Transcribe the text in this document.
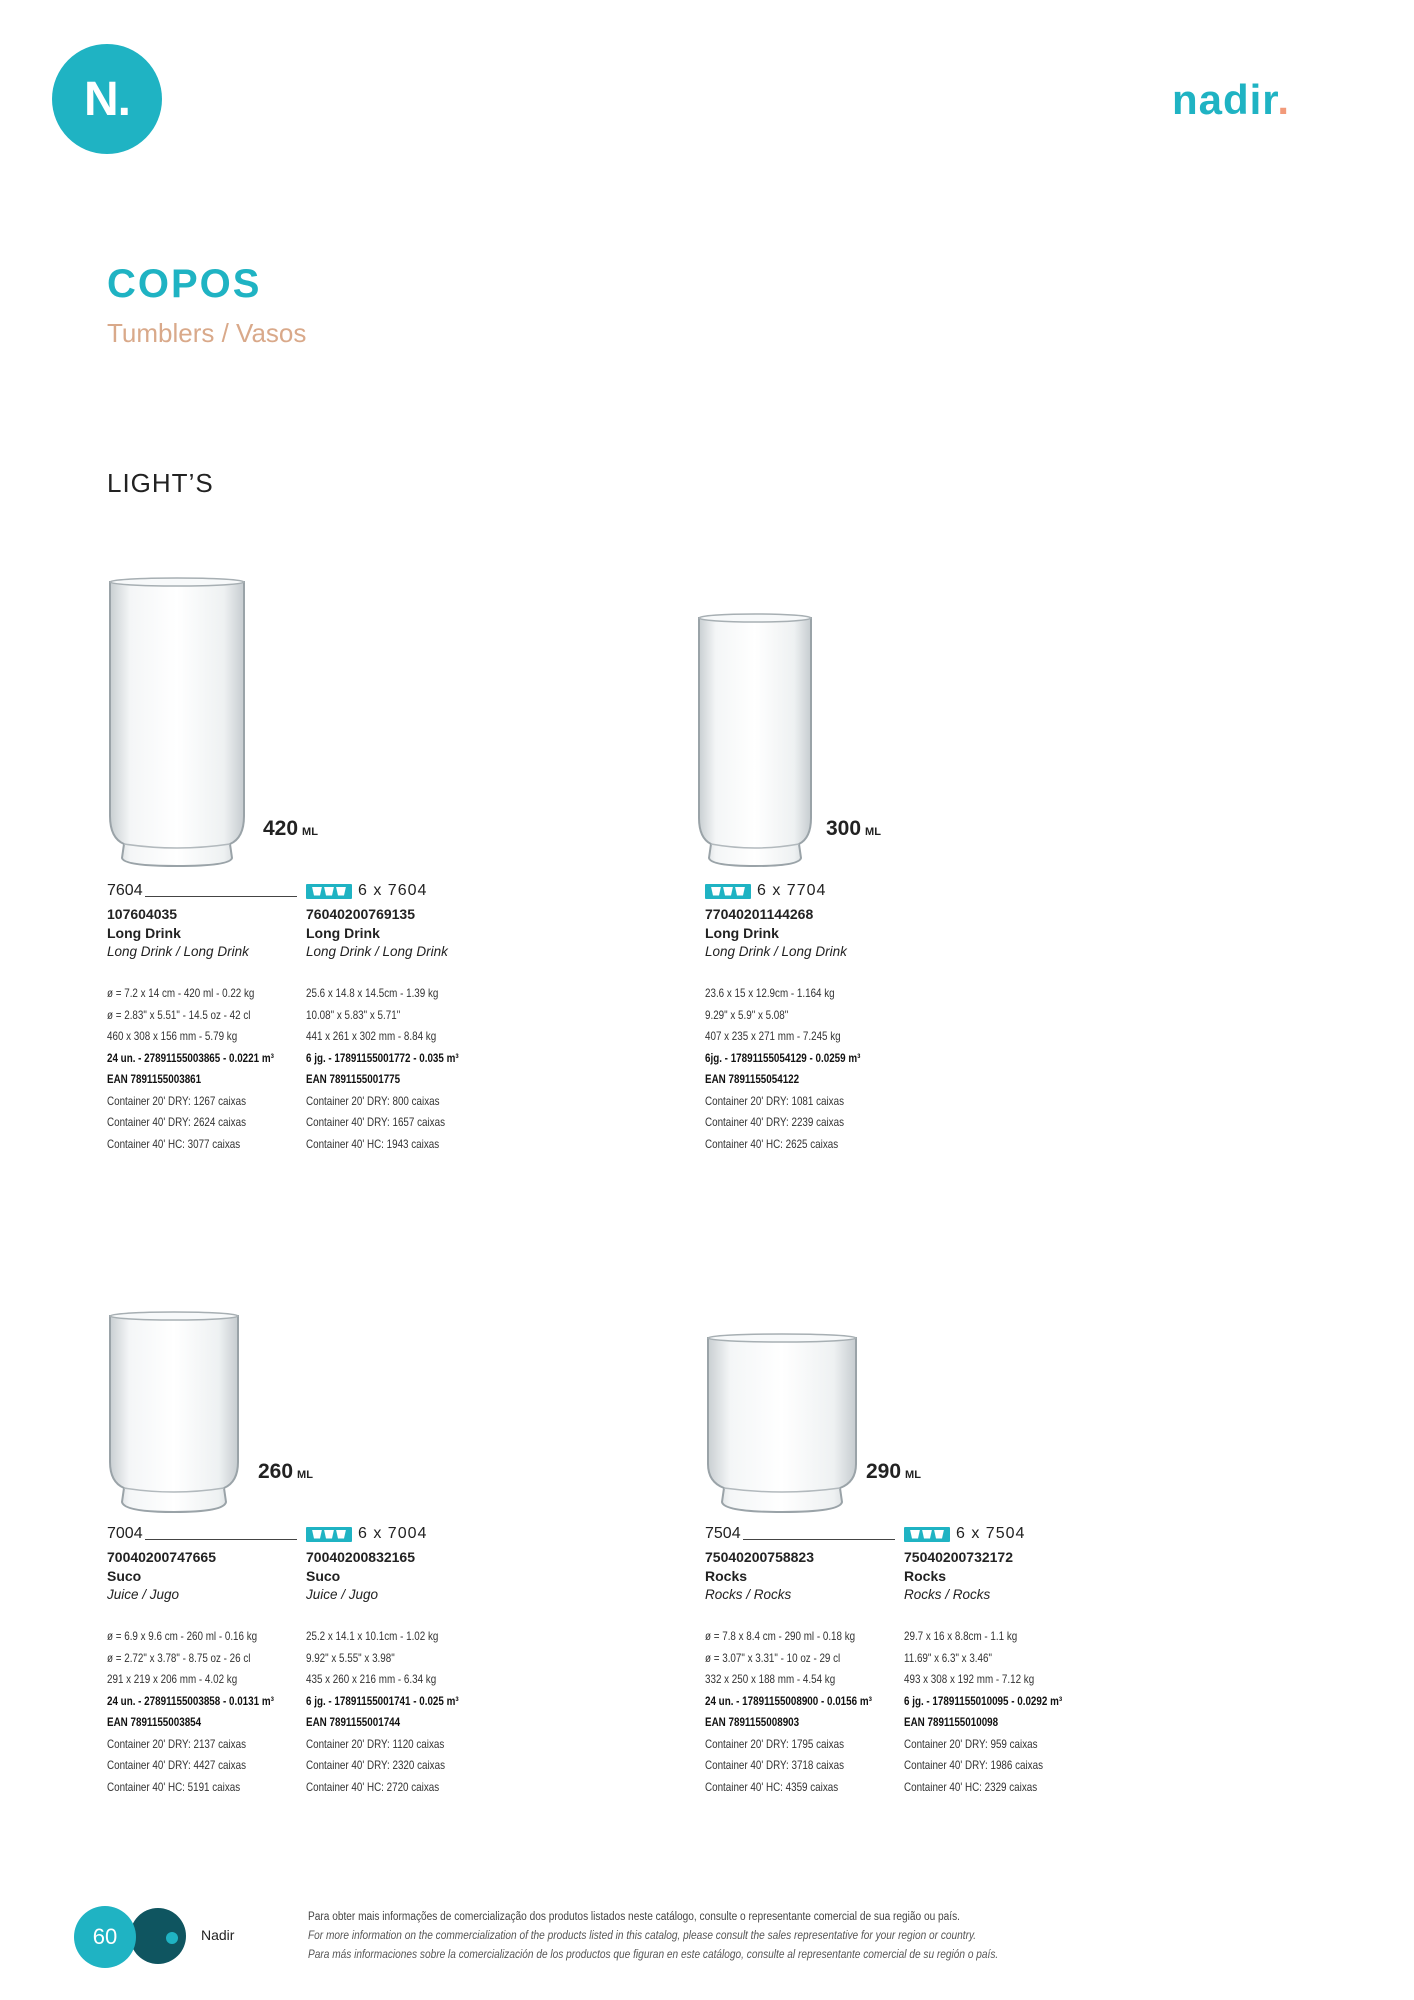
N.	nadir.
COPOS
Tumblers / Vasos
LIGHT’S
420 ML
7604
107604035
Long Drink
Long Drink / Long Drink
ø = 7.2 x 14 cm - 420 ml - 0.22 kg
ø = 2.83" x 5.51" - 14.5 oz - 42 cl
460 x 308 x 156 mm - 5.79 kg
24 un. - 27891155003865 - 0.0221 m³
EAN 7891155003861
Container 20' DRY: 1267 caixas
Container 40' DRY: 2624 caixas
Container 40' HC: 3077 caixas
6 x 7604
76040200769135
Long Drink
Long Drink / Long Drink
25.6 x 14.8 x 14.5cm - 1.39 kg
10.08" x 5.83" x 5.71"
441 x 261 x 302 mm - 8.84 kg
6 jg. - 17891155001772 - 0.035 m³
EAN 7891155001775
Container 20' DRY: 800 caixas
Container 40' DRY: 1657 caixas
Container 40' HC: 1943 caixas
300 ML
6 x 7704
77040201144268
Long Drink
Long Drink / Long Drink
23.6 x 15 x 12.9cm - 1.164 kg
9.29" x 5.9" x 5.08"
407 x 235 x 271 mm - 7.245 kg
6jg. - 17891155054129 - 0.0259 m³
EAN 7891155054122
Container 20' DRY: 1081 caixas
Container 40' DRY: 2239 caixas
Container 40' HC: 2625 caixas
260 ML
7004
70040200747665
Suco
Juice / Jugo
ø = 6.9 x 9.6 cm - 260 ml - 0.16 kg
ø = 2.72" x 3.78" - 8.75 oz - 26 cl
291 x 219 x 206 mm - 4.02 kg
24 un. - 27891155003858 - 0.0131 m³
EAN 7891155003854
Container 20' DRY: 2137 caixas
Container 40' DRY: 4427 caixas
Container 40' HC: 5191 caixas
6 x 7004
70040200832165
Suco
Juice / Jugo
25.2 x 14.1 x 10.1cm - 1.02 kg
9.92" x 5.55" x 3.98"
435 x 260 x 216 mm - 6.34 kg
6 jg. - 17891155001741 - 0.025 m³
EAN 7891155001744
Container 20' DRY: 1120 caixas
Container 40' DRY: 2320 caixas
Container 40' HC: 2720 caixas
290 ML
7504
75040200758823
Rocks
Rocks / Rocks
ø = 7.8 x 8.4 cm - 290 ml - 0.18 kg
ø = 3.07" x 3.31" - 10 oz - 29 cl
332 x 250 x 188 mm - 4.54 kg
24 un. - 17891155008900 - 0.0156 m³
EAN 7891155008903
Container 20' DRY: 1795 caixas
Container 40' DRY: 3718 caixas
Container 40' HC: 4359 caixas
6 x 7504
75040200732172
Rocks
Rocks / Rocks
29.7 x 16 x 8.8cm - 1.1 kg
11.69" x 6.3" x 3.46"
493 x 308 x 192 mm - 7.12 kg
6 jg. - 17891155010095 - 0.0292 m³
EAN 7891155010098
Container 20' DRY: 959 caixas
Container 40' DRY: 1986 caixas
Container 40' HC: 2329 caixas
60	Nadir
Para obter mais informações de comercialização dos produtos listados neste catálogo, consulte o representante comercial de sua região ou país.
For more information on the commercialization of the products listed in this catalog, please consult the sales representative for your region or country.
Para más informaciones sobre la comercialización de los productos que figuran en este catálogo, consulte al representante comercial de su región o país.
